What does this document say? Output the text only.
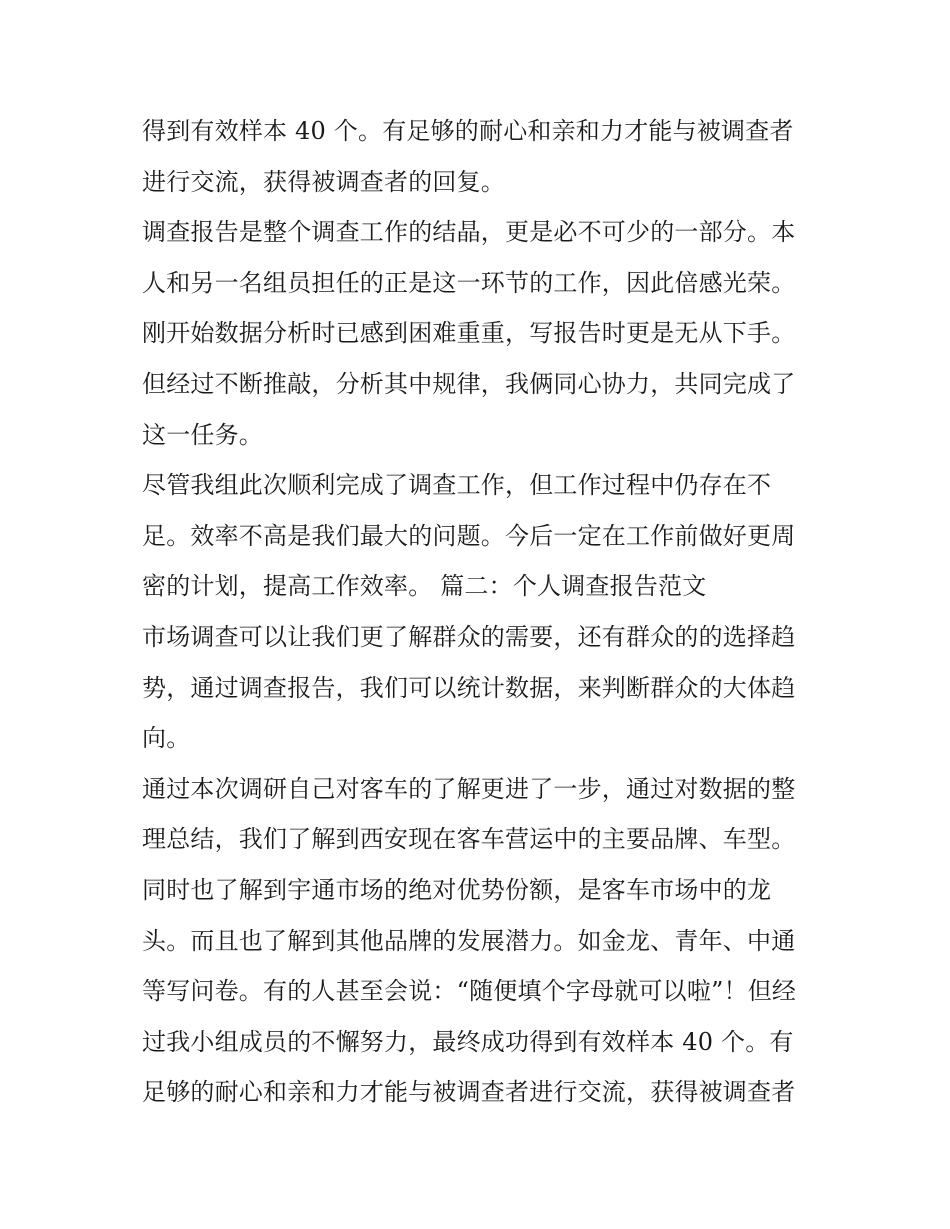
得到有效样本 40 个。有足够的耐心和亲和力才能与被调查者
进行交流，获得被调查者的回复。
调查报告是整个调查工作的结晶，更是必不可少的一部分。本
人和另一名组员担任的正是这一环节的工作，因此倍感光荣。
刚开始数据分析时已感到困难重重，写报告时更是无从下手。
但经过不断推敲，分析其中规律，我俩同心协力，共同完成了
这一任务。
尽管我组此次顺利完成了调查工作，但工作过程中仍存在不
足。效率不高是我们最大的问题。今后一定在工作前做好更周
密的计划，提高工作效率。 篇二：个人调查报告范文
市场调查可以让我们更了解群众的需要，还有群众的的选择趋
势，通过调查报告，我们可以统计数据，来判断群众的大体趋
向。
通过本次调研自己对客车的了解更进了一步，通过对数据的整
理总结，我们了解到西安现在客车营运中的主要品牌、车型。
同时也了解到宇通市场的绝对优势份额，是客车市场中的龙
头。而且也了解到其他品牌的发展潜力。如金龙、青年、中通
等写问卷。有的人甚至会说：“随便填个字母就可以啦”！但经
过我小组成员的不懈努力，最终成功得到有效样本 40 个。有
足够的耐心和亲和力才能与被调查者进行交流，获得被调查者
